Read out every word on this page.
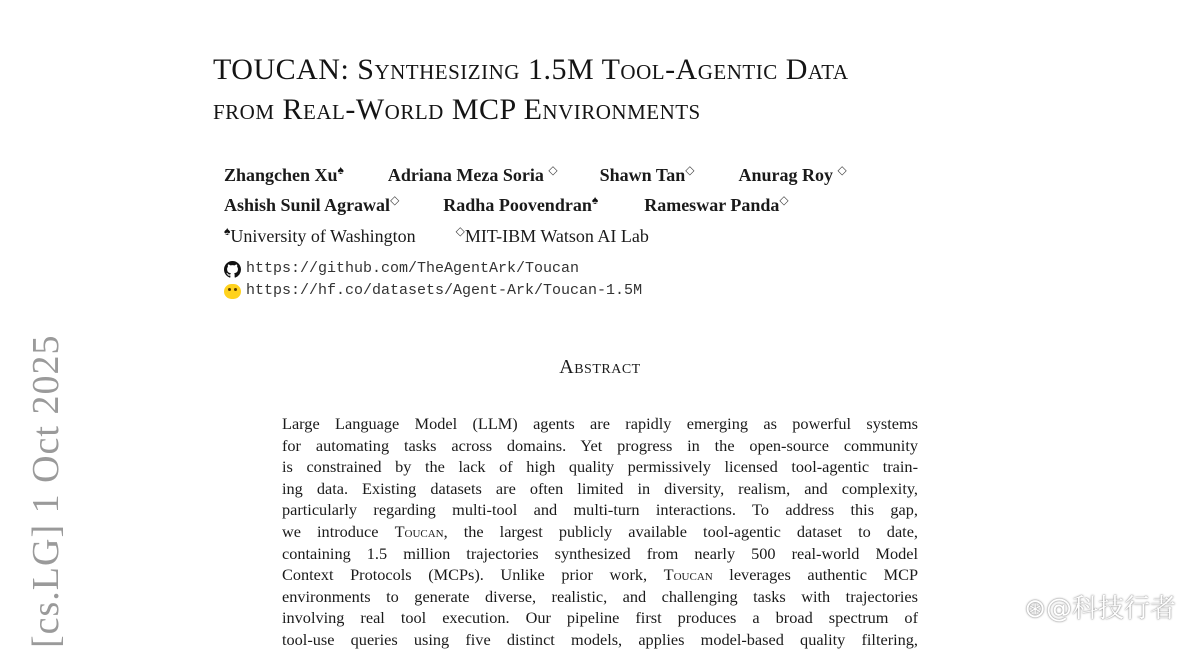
TOUCAN: Synthesizing 1.5M Tool-Agentic Data
from Real-World MCP Environments
Zhangchen Xu♠ Adriana Meza Soria ◇ Shawn Tan◇ Anurag Roy ◇
Ashish Sunil Agrawal◇ Radha Poovendran♠	Rameswar Panda◇
♠University of Washington	◇MIT-IBM Watson AI Lab
https://github.com/TheAgentArk/Toucan
https://hf.co/datasets/Agent-Ark/Toucan-1.5M
[cs.LG] 1 Oct 2025	Abstract
Large Language Model (LLM) agents are rapidly emerging as powerful systems
for automating tasks across domains. Yet progress in the open-source community
is constrained by the lack of high quality permissively licensed tool-agentic train-
ing data. Existing datasets are often limited in diversity, realism, and complexity,
particularly regarding multi-tool and multi-turn interactions. To address this gap,
we introduce Toucan, the largest publicly available tool-agentic dataset to date,
containing 1.5 million trajectories synthesized from nearly 500 real-world Model
Context Protocols (MCPs). Unlike prior work, Toucan leverages authentic MCP
environments to generate diverse, realistic, and challenging tasks with trajectories
involving real tool execution. Our pipeline first produces a broad spectrum of
tool-use queries using five distinct models, applies model-based quality filtering,
⊛@科技行者
